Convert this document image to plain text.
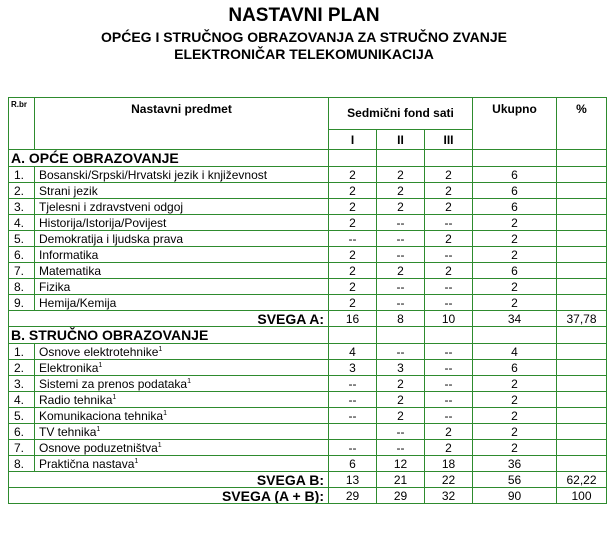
NASTAVNI PLAN
OPĆEG I STRUČNOG OBRAZOVANJA ZA STRUČNO ZVANJE
ELEKTRONIČAR TELEKOMUNIKACIJA
R.br	Nastavni predmet	Sedmični fond sati			Ukupno	%
		I	II	III		
A. OPĆE OBRAZOVANJE						
1.	Bosanski/Srpski/Hrvatski jezik i književnost	2	2	2	6	
2.	Strani jezik	2	2	2	6	
3.	Tjelesni i zdravstveni odgoj	2	2	2	6	
4.	Historija/Istorija/Povijest	2	--	--	2	
5.	Demokratija i ljudska prava	--	--	2	2	
6.	Informatika	2	--	--	2	
7.	Matematika	2	2	2	6	
8.	Fizika	2	--	--	2	
9.	Hemija/Kemija	2	--	--	2	
SVEGA A:		16	8	10	34	37,78
B. STRUČNO OBRAZOVANJE						
1.	Osnove elektrotehnike$^1$	4	--	--	4	
2.	Elektronika$^1$	3	3	--	6	
3.	Sistemi za prenos podataka$^1$	--	2	--	2	
4.	Radio tehnika$^1$	--	2	--	2	
5.	Komunikaciona tehnika$^1$	--	2	--	2	
6.	TV tehnika$^1$		--	2	2	
7.	Osnove poduzetništva$^1$	--	--	2	2	
8.	Praktična nastava$^1$	6	12	18	36	
SVEGA B:		13	21	22	56	62,22
SVEGA (A + B):		29	29	32	90	100
